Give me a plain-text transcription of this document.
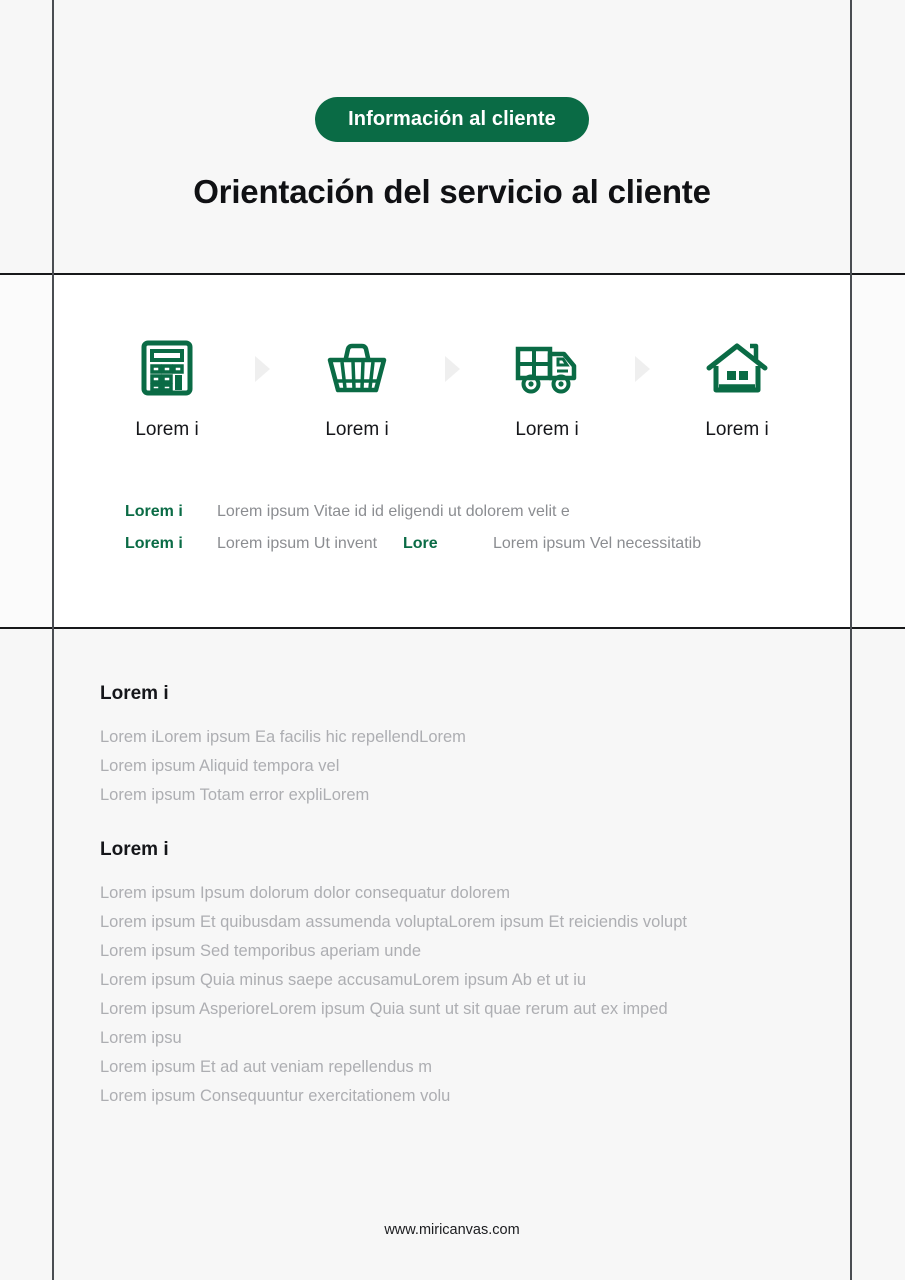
Información al cliente
Orientación del servicio al cliente
Lorem i	Lorem i	Lorem i	Lorem i
Lorem i	Lorem ipsum Vitae id id eligendi ut dolorem velit e
Lorem i	Lorem ipsum Ut invent	Lore	Lorem ipsum Vel necessitatib
Lorem i
Lorem iLorem ipsum Ea facilis hic repellendLorem
Lorem ipsum Aliquid tempora vel
Lorem ipsum Totam error expliLorem
Lorem i
Lorem ipsum Ipsum dolorum dolor consequatur dolorem
Lorem ipsum Et quibusdam assumenda voluptaLorem ipsum Et reiciendis volupt
Lorem ipsum Sed temporibus aperiam unde
Lorem ipsum Quia minus saepe accusamuLorem ipsum Ab et ut iu
Lorem ipsum AsperioreLorem ipsum Quia sunt ut sit quae rerum aut ex imped
Lorem ipsu
Lorem ipsum Et ad aut veniam repellendus m
Lorem ipsum Consequuntur exercitationem volu
www.miricanvas.com
